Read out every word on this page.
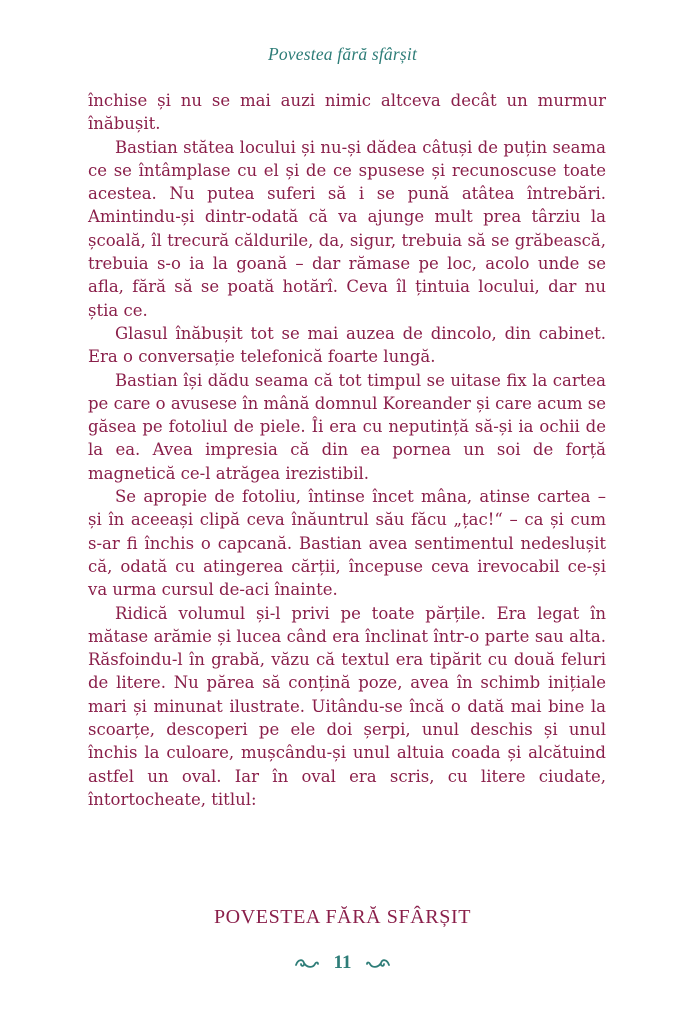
Povestea fără sfârșit

închise și nu se mai auzi nimic altceva decât un murmur înăbușit.

Bastian stătea locului și nu-și dădea câtuși de puțin seama ce se întâmplase cu el și de ce spusese și recunoscuse toate acestea. Nu putea suferi să i se pună atâtea întrebări. Amintindu-și dintr-odată că va ajunge mult prea târziu la școală, îl trecură căldurile, da, sigur, trebuia să se grăbească, trebuia s-o ia la goană – dar rămase pe loc, acolo unde se afla, fără să se poată hotărî. Ceva îl țintuia locului, dar nu știa ce.

Glasul înăbușit tot se mai auzea de dincolo, din cabinet. Era o conversație telefonică foarte lungă.

Bastian își dădu seama că tot timpul se uitase fix la cartea pe care o avusese în mână domnul Koreander și care acum se găsea pe fotoliul de piele. Îi era cu neputință să-și ia ochii de la ea. Avea impresia că din ea pornea un soi de forță magnetică ce-l atrăgea irezistibil.

Se apropie de fotoliu, întinse încet mâna, atinse cartea – și în aceeași clipă ceva înăuntrul său făcu „țac!“ – ca și cum s-ar fi închis o capcană. Bastian avea sentimentul nedeslușit că, odată cu atingerea cărții, începuse ceva irevocabil ce-și va urma cursul de-aci înainte.

Ridică volumul și-l privi pe toate părțile. Era legat în mătase arămie și lucea când era înclinat într-o parte sau alta. Răsfoindu-l în grabă, văzu că textul era tipărit cu două feluri de litere. Nu părea să conțină poze, avea în schimb inițiale mari și minunat ilustrate. Uitându-se încă o dată mai bine la scoarțe, descoperi pe ele doi șerpi, unul deschis și unul închis la culoare, mușcându-și unul altuia coada și alcătuind astfel un oval. Iar în oval era scris, cu litere ciudate, întortocheate, titlul:

POVESTEA FĂRĂ SFÂRȘIT
11
